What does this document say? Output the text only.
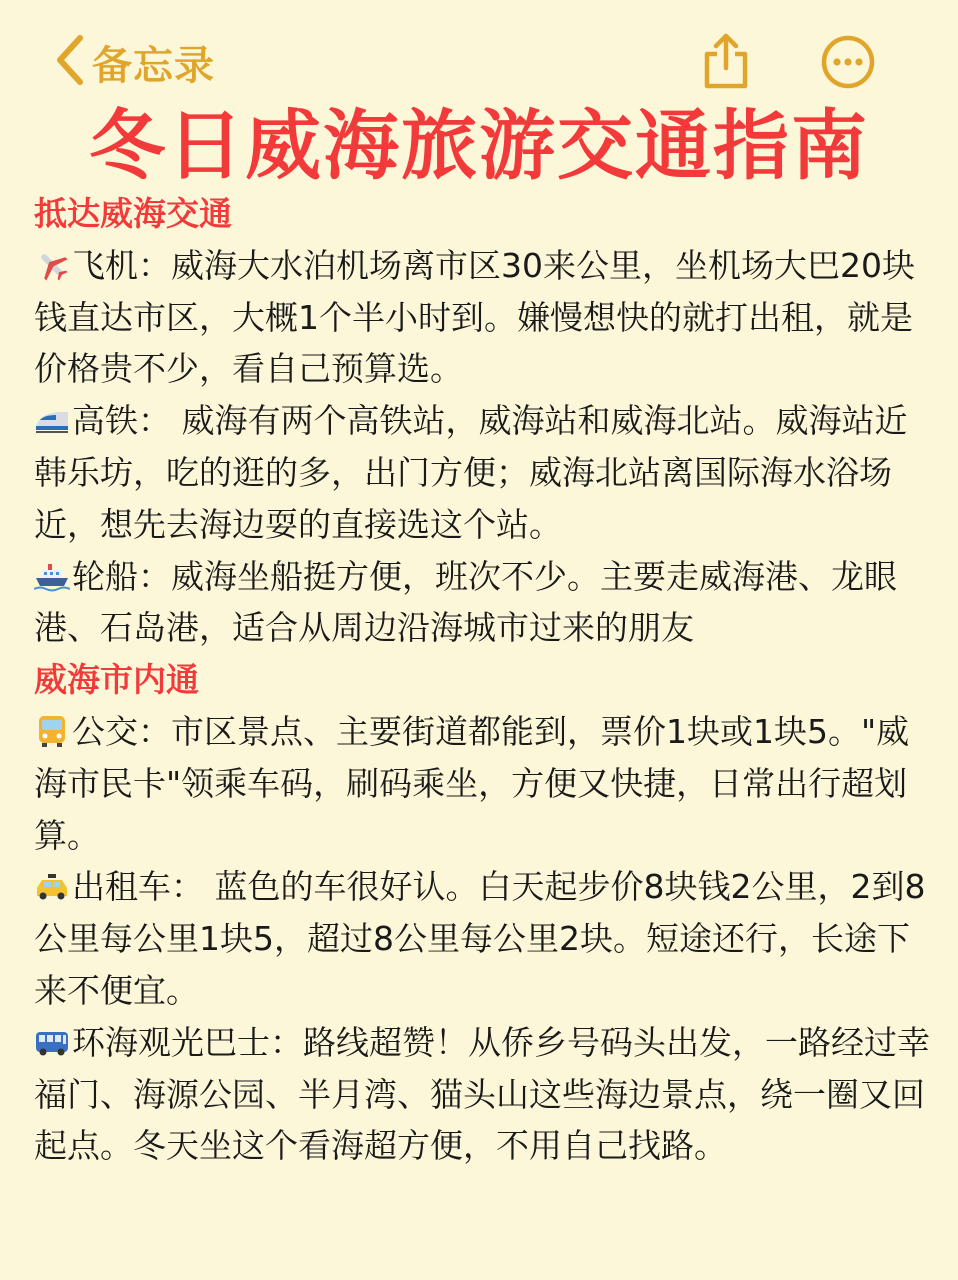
备忘录
冬日威海旅游交通指南
抵达威海交通

飞机：威海大水泊机场离市区30来公里，坐机场大巴20块钱直达市区，大概1个半小时到。嫌慢想快的就打出租，就是价格贵不少，看自己预算选。

高铁： 威海有两个高铁站，威海站和威海北站。威海站近韩乐坊，吃的逛的多，出门方便；威海北站离国际海水浴场近，想先去海边耍的直接选这个站。

轮船：威海坐船挺方便，班次不少。主要走威海港、龙眼港、石岛港，适合从周边沿海城市过来的朋友

威海市内通

公交：市区景点、主要街道都能到，票价1块或1块5。"威海市民卡"领乘车码，刷码乘坐，方便又快捷，日常出行超划算。

出租车： 蓝色的车很好认。白天起步价8块钱2公里，2到8公里每公里1块5，超过8公里每公里2块。短途还行，长途下来不便宜。

环海观光巴士：路线超赞！从侨乡号码头出发，一路经过幸福门、海源公园、半月湾、猫头山这些海边景点，绕一圈又回起点。冬天坐这个看海超方便，不用自己找路。
